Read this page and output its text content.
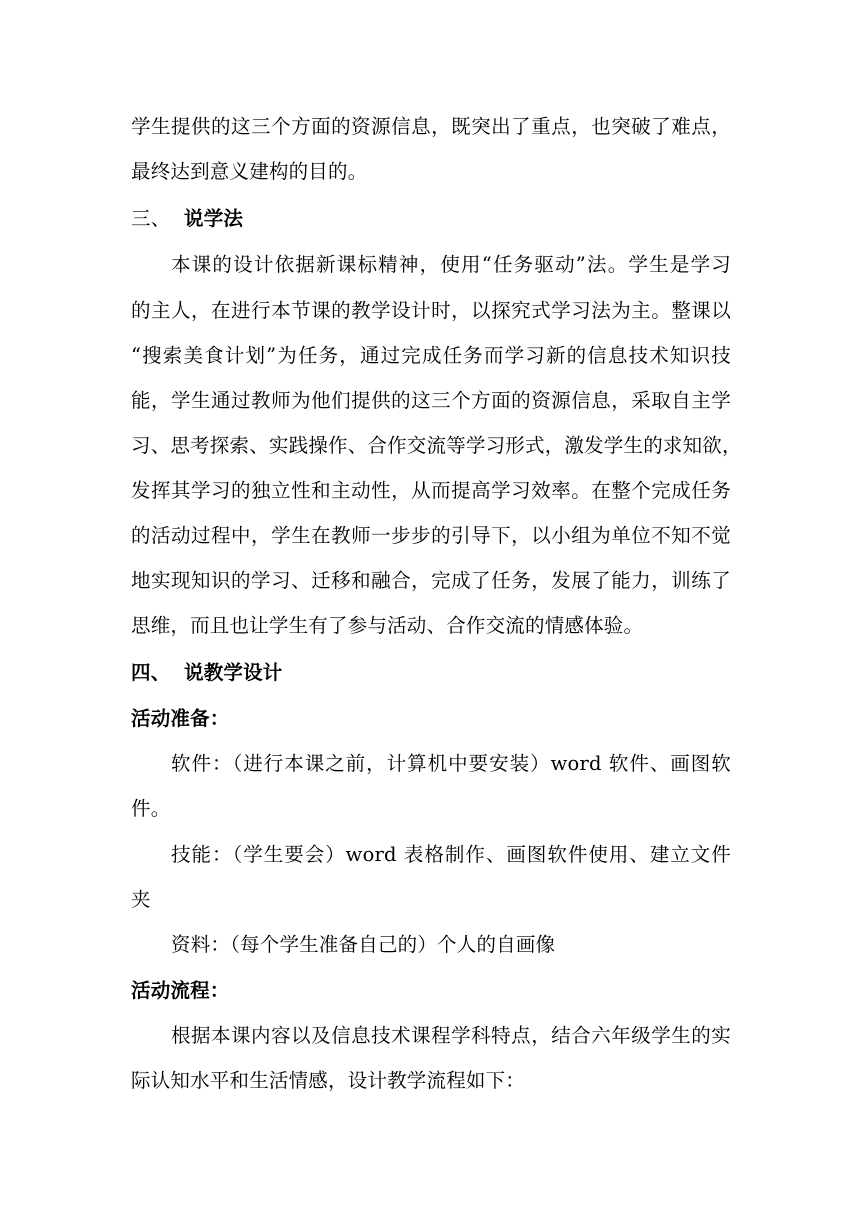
学生提供的这三个方面的资源信息，既突出了重点，也突破了难点，
最终达到意义建构的目的。
三、 说学法
本课的设计依据新课标精神，使用“任务驱动”法。学生是学习
的主人，在进行本节课的教学设计时，以探究式学习法为主。整课以
“搜索美食计划”为任务，通过完成任务而学习新的信息技术知识技
能，学生通过教师为他们提供的这三个方面的资源信息，采取自主学
习、思考探索、实践操作、合作交流等学习形式，激发学生的求知欲，
发挥其学习的独立性和主动性，从而提高学习效率。在整个完成任务
的活动过程中，学生在教师一步步的引导下，以小组为单位不知不觉
地实现知识的学习、迁移和融合，完成了任务，发展了能力，训练了
思维，而且也让学生有了参与活动、合作交流的情感体验。
四、 说教学设计
活动准备：
软件：（进行本课之前，计算机中要安装）word 软件、画图软
件。
技能：（学生要会）word 表格制作、画图软件使用、建立文件
夹
资料：（每个学生准备自己的）个人的自画像
活动流程：
根据本课内容以及信息技术课程学科特点，结合六年级学生的实
际认知水平和生活情感，设计教学流程如下：
